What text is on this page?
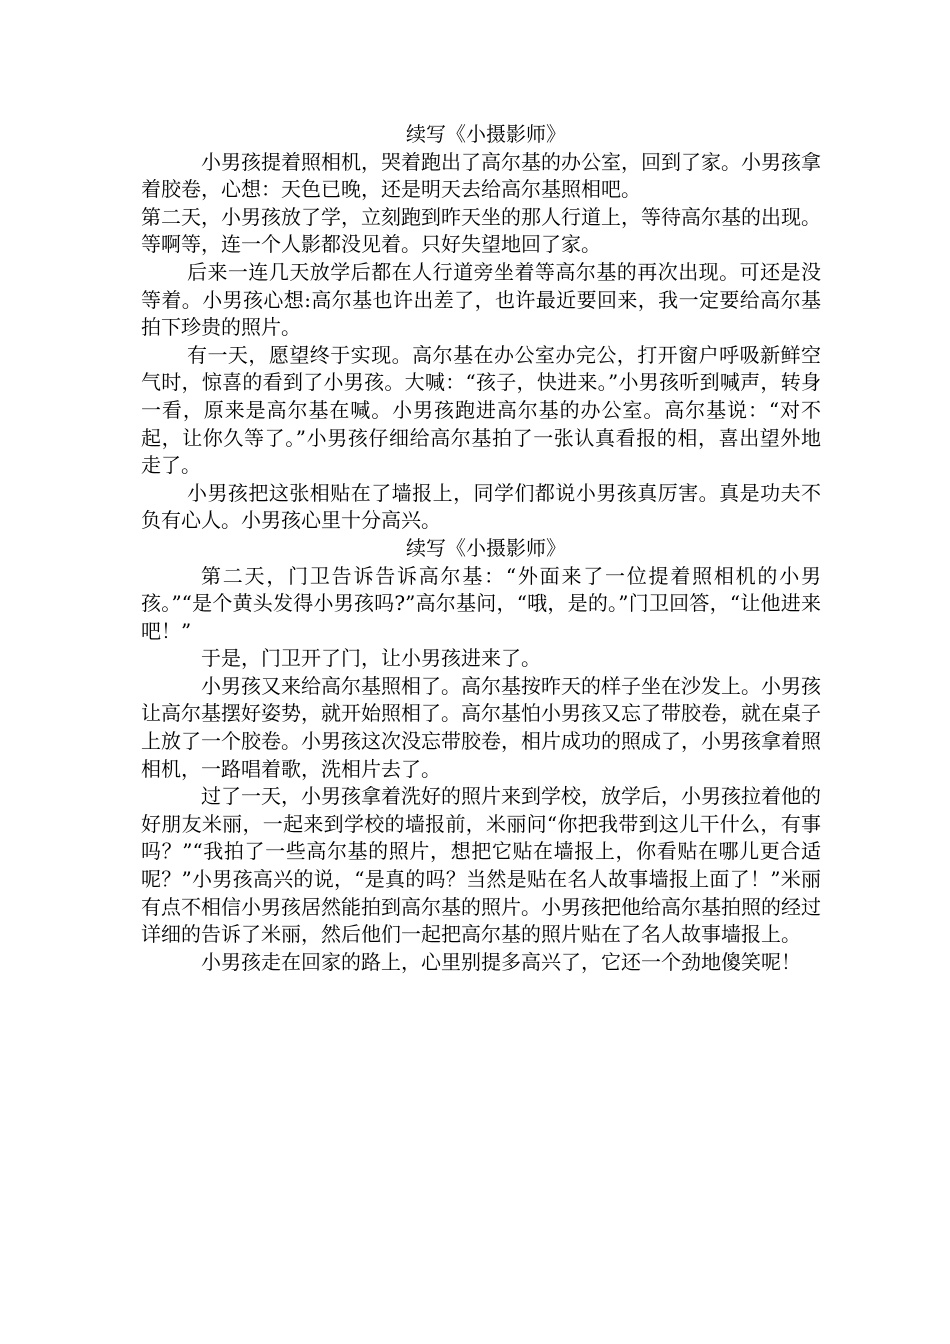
续写《小摄影师》

小男孩提着照相机，哭着跑出了高尔基的办公室，回到了家。小男孩拿着胶卷，心想：天色已晚，还是明天去给高尔基照相吧。

第二天，小男孩放了学，立刻跑到昨天坐的那人行道上，等待高尔基的出现。等啊等，连一个人影都没见着。只好失望地回了家。

后来一连几天放学后都在人行道旁坐着等高尔基的再次出现。可还是没等着。小男孩心想:高尔基也许出差了，也许最近要回来，我一定要给高尔基拍下珍贵的照片。

有一天，愿望终于实现。高尔基在办公室办完公，打开窗户呼吸新鲜空气时，惊喜的看到了小男孩。大喊：“孩子，快进来。”小男孩听到喊声，转身一看，原来是高尔基在喊。小男孩跑进高尔基的办公室。高尔基说：“对不起，让你久等了。”小男孩仔细给高尔基拍了一张认真看报的相，喜出望外地走了。

小男孩把这张相贴在了墙报上，同学们都说小男孩真厉害。真是功夫不负有心人。小男孩心里十分高兴。

续写《小摄影师》

第二天，门卫告诉告诉高尔基：“外面来了一位提着照相机的小男孩。”“是个黄头发得小男孩吗?”高尔基问，“哦，是的。”门卫回答，“让他进来吧！”

于是，门卫开了门，让小男孩进来了。

小男孩又来给高尔基照相了。高尔基按昨天的样子坐在沙发上。小男孩让高尔基摆好姿势，就开始照相了。高尔基怕小男孩又忘了带胶卷，就在桌子上放了一个胶卷。小男孩这次没忘带胶卷，相片成功的照成了，小男孩拿着照相机，一路唱着歌，洗相片去了。

过了一天，小男孩拿着洗好的照片来到学校，放学后，小男孩拉着他的好朋友米丽，一起来到学校的墙报前，米丽问“你把我带到这儿干什么，有事吗？”“我拍了一些高尔基的照片，想把它贴在墙报上，你看贴在哪儿更合适呢？”小男孩高兴的说，“是真的吗？当然是贴在名人故事墙报上面了！”米丽有点不相信小男孩居然能拍到高尔基的照片。小男孩把他给高尔基拍照的经过详细的告诉了米丽，然后他们一起把高尔基的照片贴在了名人故事墙报上。

小男孩走在回家的路上，心里别提多高兴了，它还一个劲地傻笑呢！
